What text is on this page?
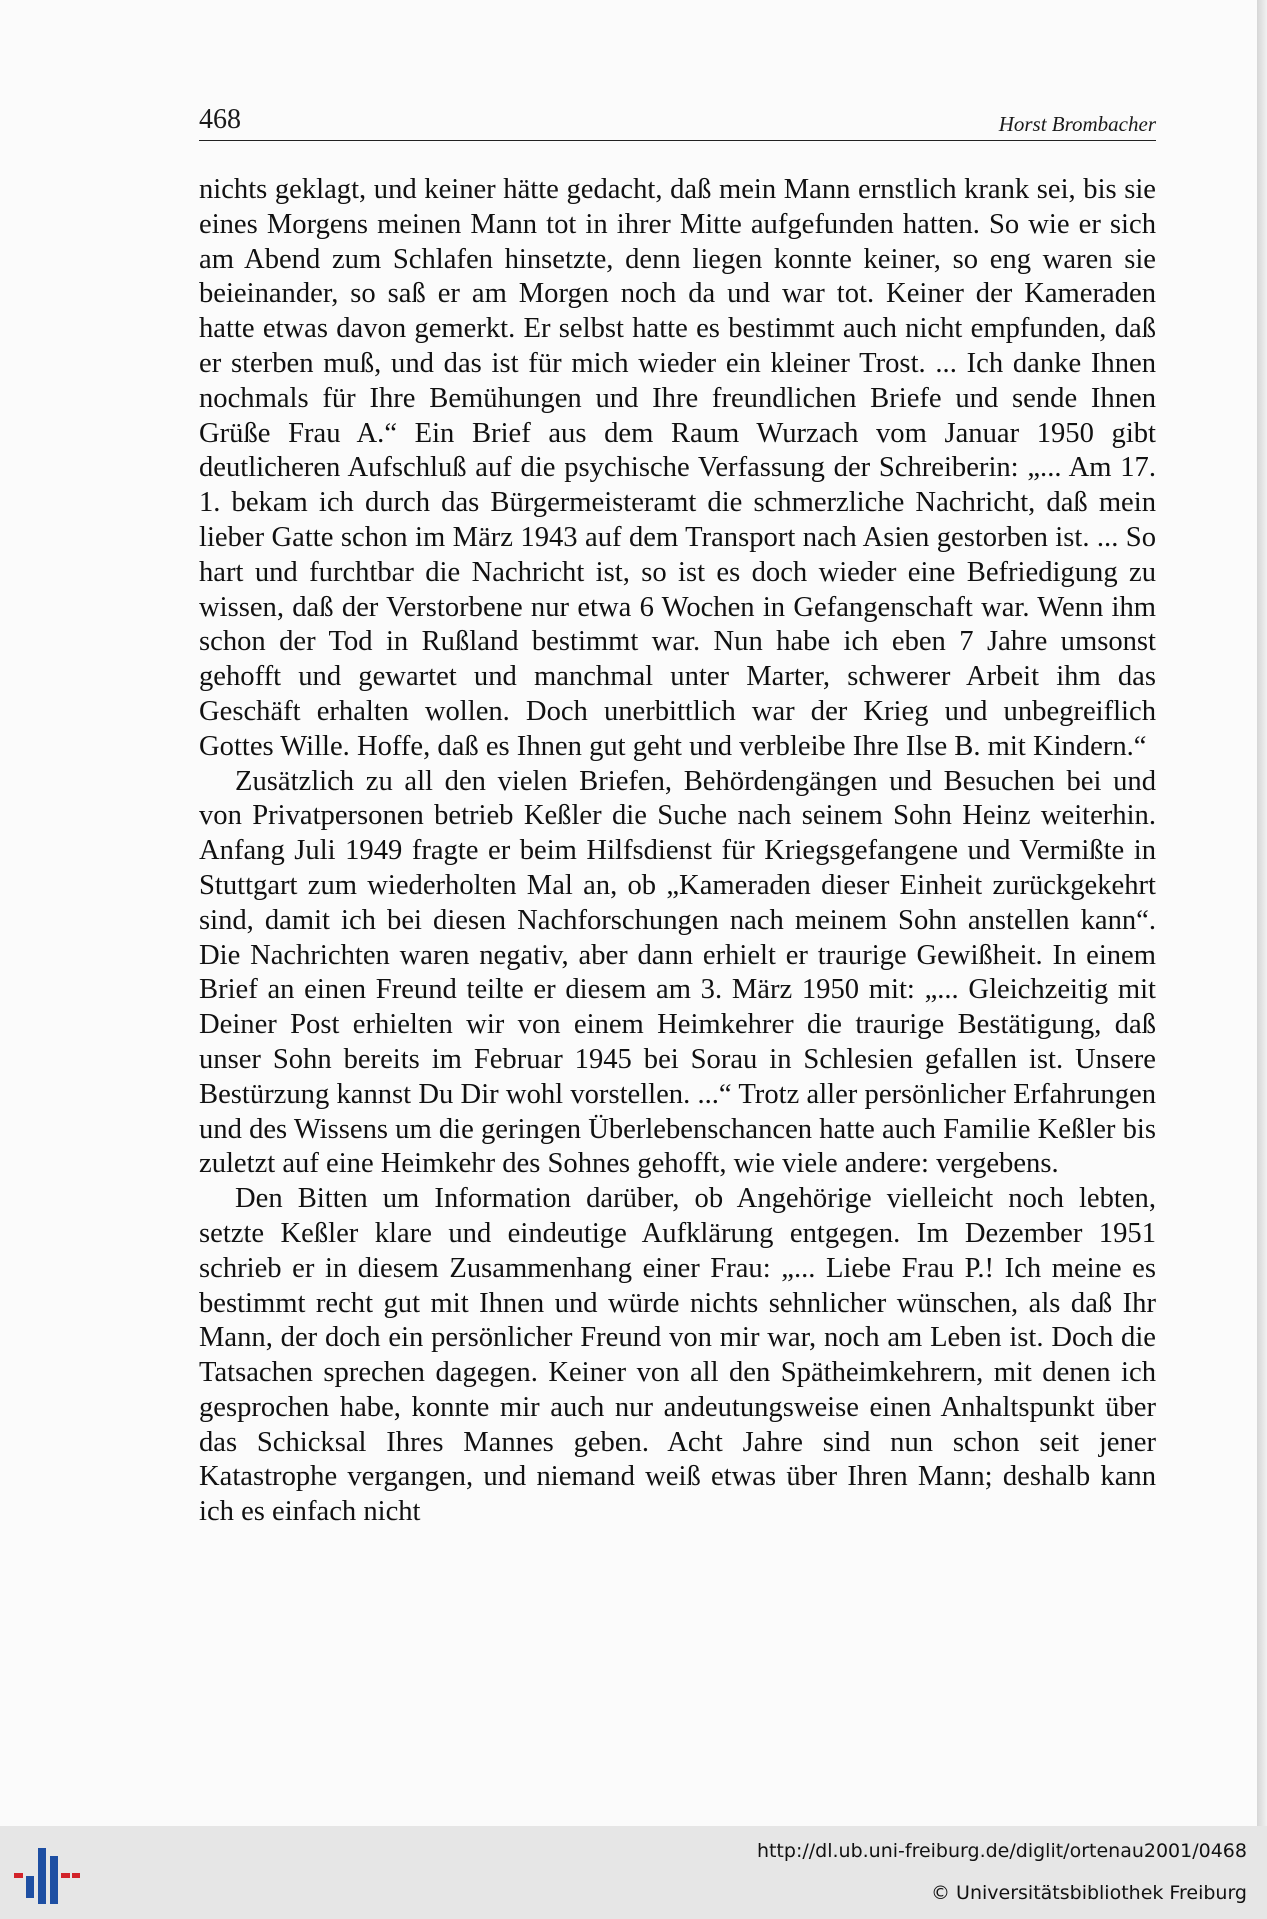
468	Horst Brombacher

nichts geklagt, und keiner hätte gedacht, daß mein Mann ernstlich krank sei, bis sie eines Morgens meinen Mann tot in ihrer Mitte aufgefunden hatten. So wie er sich am Abend zum Schlafen hinsetzte, denn liegen konnte keiner, so eng waren sie beieinander, so saß er am Morgen noch da und war tot. Keiner der Kameraden hatte etwas davon gemerkt. Er selbst hatte es bestimmt auch nicht empfunden, daß er sterben muß, und das ist für mich wieder ein kleiner Trost. ... Ich danke Ihnen nochmals für Ihre Bemühungen und Ihre freundlichen Briefe und sende Ihnen Grüße Frau A.“ Ein Brief aus dem Raum Wurzach vom Januar 1950 gibt deutlicheren Aufschluß auf die psychische Verfassung der Schreiberin: „... Am 17. 1. bekam ich durch das Bürgermeisteramt die schmerzliche Nachricht, daß mein lieber Gatte schon im März 1943 auf dem Transport nach Asien gestorben ist. ... So hart und furchtbar die Nachricht ist, so ist es doch wieder eine Befriedigung zu wissen, daß der Verstorbene nur etwa 6 Wochen in Gefangenschaft war. Wenn ihm schon der Tod in Rußland bestimmt war. Nun habe ich eben 7 Jahre umsonst gehofft und gewartet und manchmal unter Marter, schwerer Arbeit ihm das Geschäft erhalten wollen. Doch unerbittlich war der Krieg und unbegreiflich Gottes Wille. Hoffe, daß es Ihnen gut geht und verbleibe Ihre Ilse B. mit Kindern.“

Zusätzlich zu all den vielen Briefen, Behördengängen und Besuchen bei und von Privatpersonen betrieb Keßler die Suche nach seinem Sohn Heinz weiterhin. Anfang Juli 1949 fragte er beim Hilfsdienst für Kriegsgefangene und Vermißte in Stuttgart zum wiederholten Mal an, ob „Kameraden dieser Einheit zurückgekehrt sind, damit ich bei diesen Nachforschungen nach meinem Sohn anstellen kann“. Die Nachrichten waren negativ, aber dann erhielt er traurige Gewißheit. In einem Brief an einen Freund teilte er diesem am 3. März 1950 mit: „... Gleichzeitig mit Deiner Post erhielten wir von einem Heimkehrer die traurige Bestätigung, daß unser Sohn bereits im Februar 1945 bei Sorau in Schlesien gefallen ist. Unsere Bestürzung kannst Du Dir wohl vorstellen. ...“ Trotz aller persönlicher Erfahrungen und des Wissens um die geringen Überlebenschancen hatte auch Familie Keßler bis zuletzt auf eine Heimkehr des Sohnes gehofft, wie viele andere: vergebens.

Den Bitten um Information darüber, ob Angehörige vielleicht noch lebten, setzte Keßler klare und eindeutige Aufklärung entgegen. Im Dezember 1951 schrieb er in diesem Zusammenhang einer Frau: „... Liebe Frau P.! Ich meine es bestimmt recht gut mit Ihnen und würde nichts sehnlicher wünschen, als daß Ihr Mann, der doch ein persönlicher Freund von mir war, noch am Leben ist. Doch die Tatsachen sprechen dagegen. Keiner von all den Spätheimkehrern, mit denen ich gesprochen habe, konnte mir auch nur andeutungsweise einen Anhaltspunkt über das Schicksal Ihres Mannes geben. Acht Jahre sind nun schon seit jener Katastrophe vergangen, und niemand weiß etwas über Ihren Mann; deshalb kann ich es einfach nicht

http://dl.ub.uni-freiburg.de/diglit/ortenau2001/0468
© Universitätsbibliothek Freiburg
